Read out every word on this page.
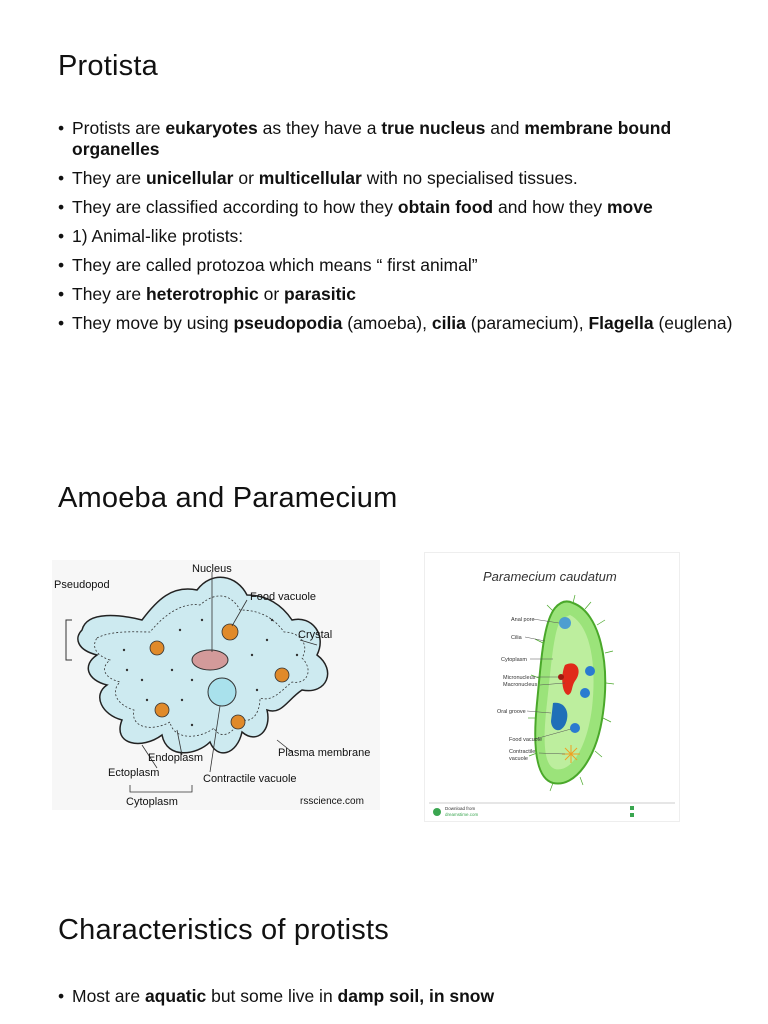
Protista
• Protists are eukaryotes as they have a true nucleus and membrane bound organelles
• They are unicellular or multicellular with no specialised tissues.
• They are classified according to how they obtain food and how they move
• 1) Animal-like protists:
• They are called protozoa which means “ first animal”
• They are heterotrophic or parasitic
• They move by using pseudopodia (amoeba), cilia (paramecium), Flagella (euglena)
Amoeba and Paramecium
Pseudopod
Nucleus
Food vacuole
Crystal
Plasma membrane
Endoplasm
Ectoplasm	Contractile vacuole
Cytoplasm	rsscience.com
Paramecium caudatum
Anal pore
Cilia
Cytoplasm
Micronucleus
Macronucleus
Oral groove
Food vacuole
Contractile
vacuole
Download from
dreamstime.com
Characteristics of protists
• Most are aquatic but some live in damp soil, in snow
